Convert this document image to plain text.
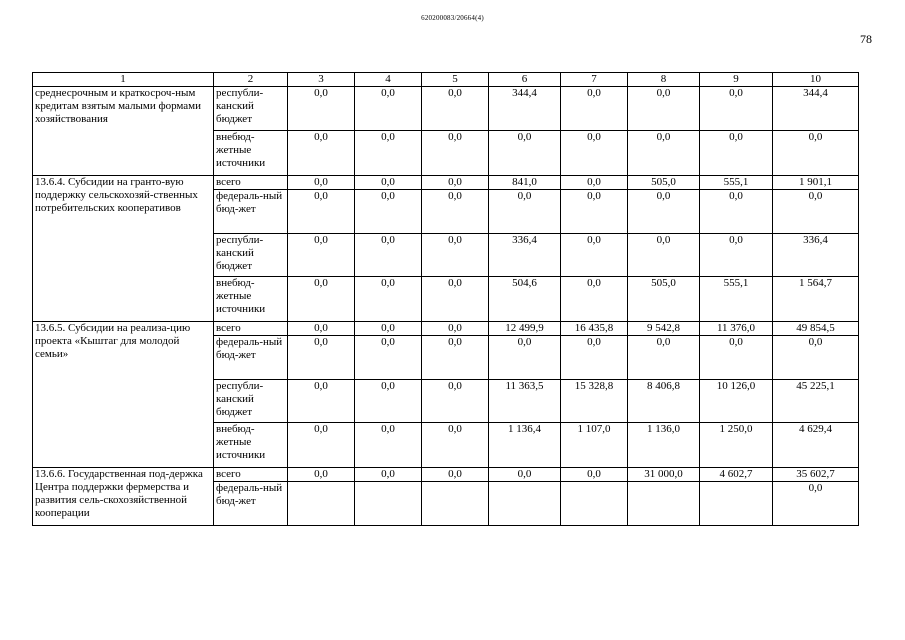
620200083/20664(4)
78
1	2	3	4	5	6	7	8	9	10
среднесрочным и краткосроч-ным кредитам взятым малыми формами хозяйствования	республи-канский бюджет	0,0	0,0	0,0	344,4	0,0	0,0	0,0	344,4
	внебюд-жетные источники	0,0	0,0	0,0	0,0	0,0	0,0	0,0	0,0
13.6.4. Субсидии на гранто-вую поддержку сельскохозяй-ственных потребительских кооперативов	всего	0,0	0,0	0,0	841,0	0,0	505,0	555,1	1 901,1
	федераль-ный бюд-жет	0,0	0,0	0,0	0,0	0,0	0,0	0,0	0,0
	республи-канский бюджет	0,0	0,0	0,0	336,4	0,0	0,0	0,0	336,4
	внебюд-жетные источники	0,0	0,0	0,0	504,6	0,0	505,0	555,1	1 564,7
13.6.5. Субсидии на реализа-цию проекта «Кыштаг для молодой семьи»	всего	0,0	0,0	0,0	12 499,9	16 435,8	9 542,8	11 376,0	49 854,5
	федераль-ный бюд-жет	0,0	0,0	0,0	0,0	0,0	0,0	0,0	0,0
	республи-канский бюджет	0,0	0,0	0,0	11 363,5	15 328,8	8 406,8	10 126,0	45 225,1
	внебюд-жетные источники	0,0	0,0	0,0	1 136,4	1 107,0	1 136,0	1 250,0	4 629,4
13.6.6. Государственная под-держка Центра поддержки фермерства и развития сель-скохозяйственной кооперации	всего	0,0	0,0	0,0	0,0	0,0	31 000,0	4 602,7	35 602,7
	федераль-ный бюд-жет								0,0
